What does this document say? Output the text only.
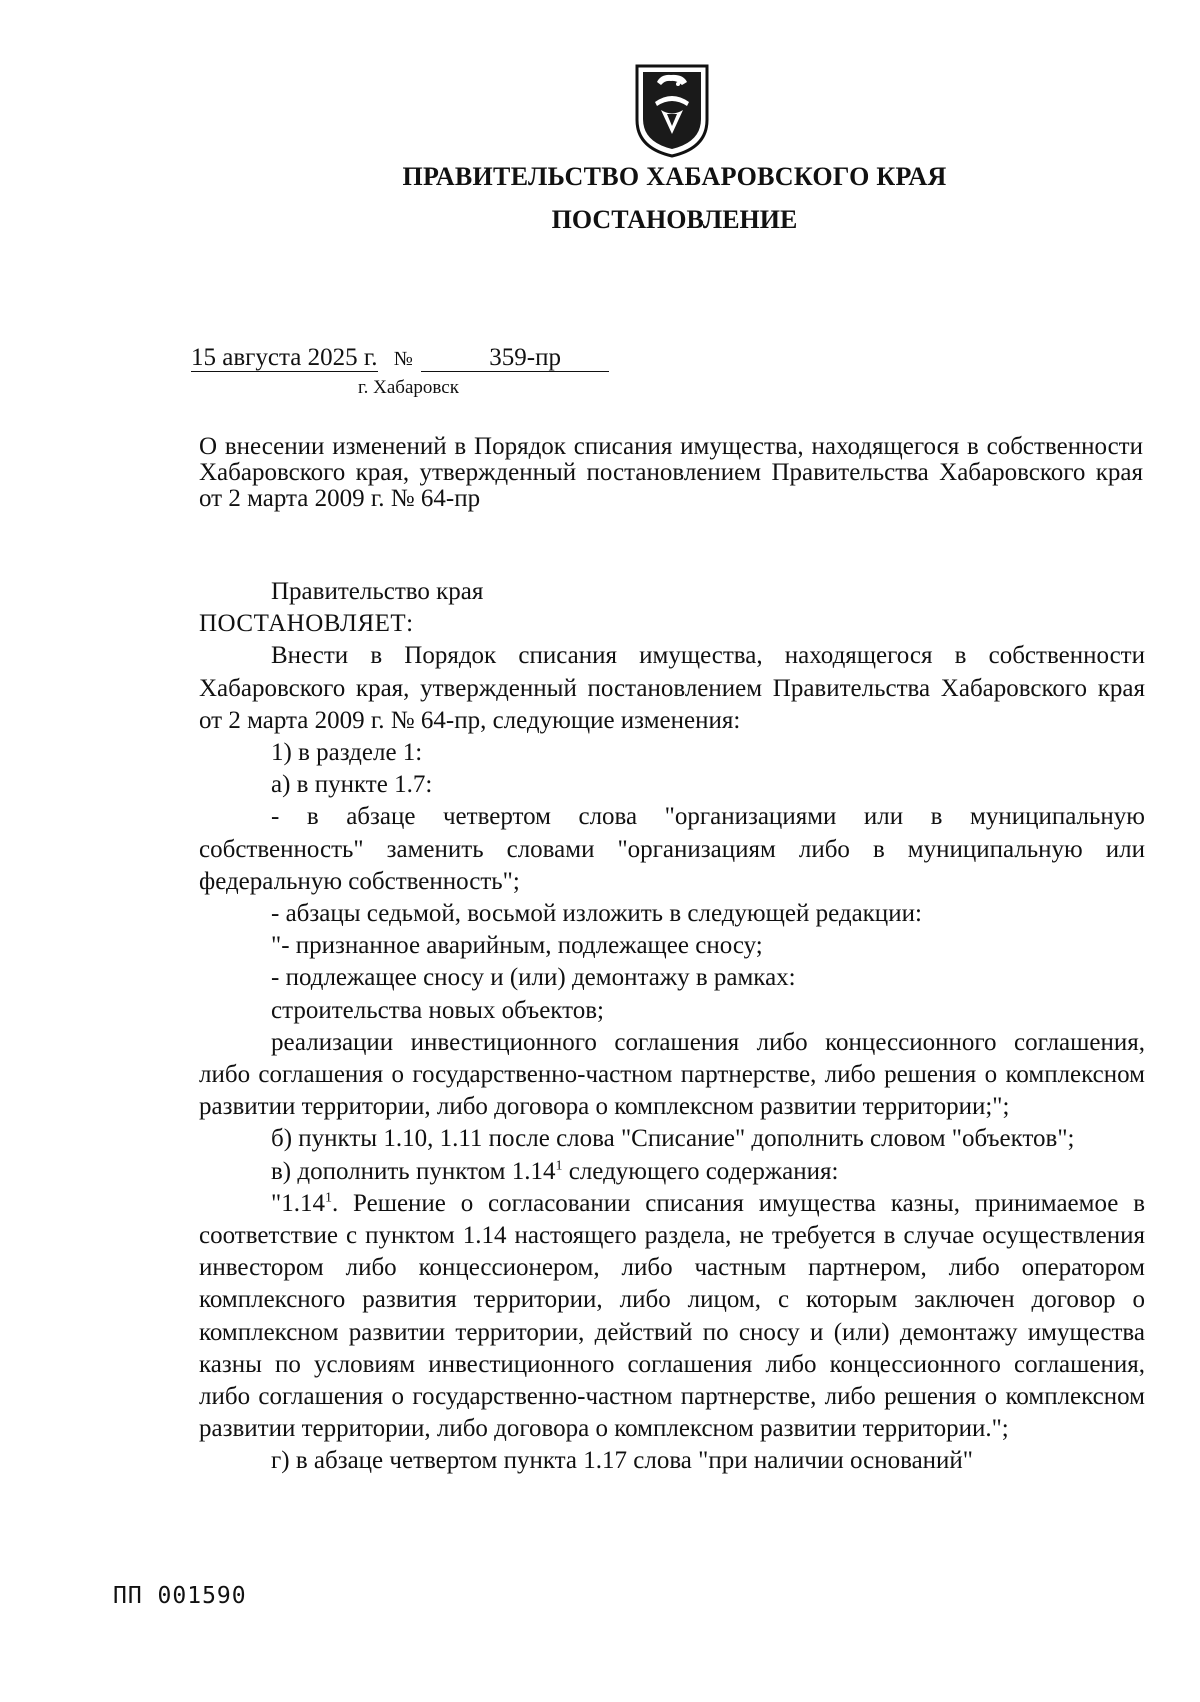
ПРАВИТЕЛЬСТВО ХАБАРОВСКОГО КРАЯ
ПОСТАНОВЛЕНИЕ
15 августа 2025 г. №	359-пр
г. Хабаровск

О внесении изменений в Порядок списания имущества, находящегося в собственности Хабаровского края, утвержденный постановлением Правительства Хабаровского края от 2 марта 2009 г. № 64-пр

Правительство края

ПОСТАНОВЛЯЕТ:

Внести в Порядок списания имущества, находящегося в собственности Хабаровского края, утвержденный постановлением Правительства Хабаровского края от 2 марта 2009 г. № 64-пр, следующие изменения:

1) в разделе 1:

а) в пункте 1.7:

- в абзаце четвертом слова "организациями или в муниципальную собственность" заменить словами "организациям либо в муниципальную или федеральную собственность";

- абзацы седьмой, восьмой изложить в следующей редакции:

"- признанное аварийным, подлежащее сносу;

- подлежащее сносу и (или) демонтажу в рамках:

строительства новых объектов;

реализации инвестиционного соглашения либо концессионного соглашения, либо соглашения о государственно-частном партнерстве, либо решения о комплексном развитии территории, либо договора о комплексном развитии территории;";

б) пункты 1.10, 1.11 после слова "Списание" дополнить словом "объектов";

в) дополнить пунктом 1.14$^1$ следующего содержания:

"1.14$^1$. Решение о согласовании списания имущества казны, принимаемое в соответствие с пунктом 1.14 настоящего раздела, не требуется в случае осуществления инвестором либо концессионером, либо частным партнером, либо оператором комплексного развития территории, либо лицом, с которым заключен договор о комплексном развитии территории, действий по сносу и (или) демонтажу имущества казны по условиям инвестиционного соглашения либо концессионного соглашения, либо соглашения о государственно-частном партнерстве, либо решения о комплексном развитии территории, либо договора о комплексном развитии территории.";

г) в абзаце четвертом пункта 1.17 слова "при наличии оснований"

ПП 001590
